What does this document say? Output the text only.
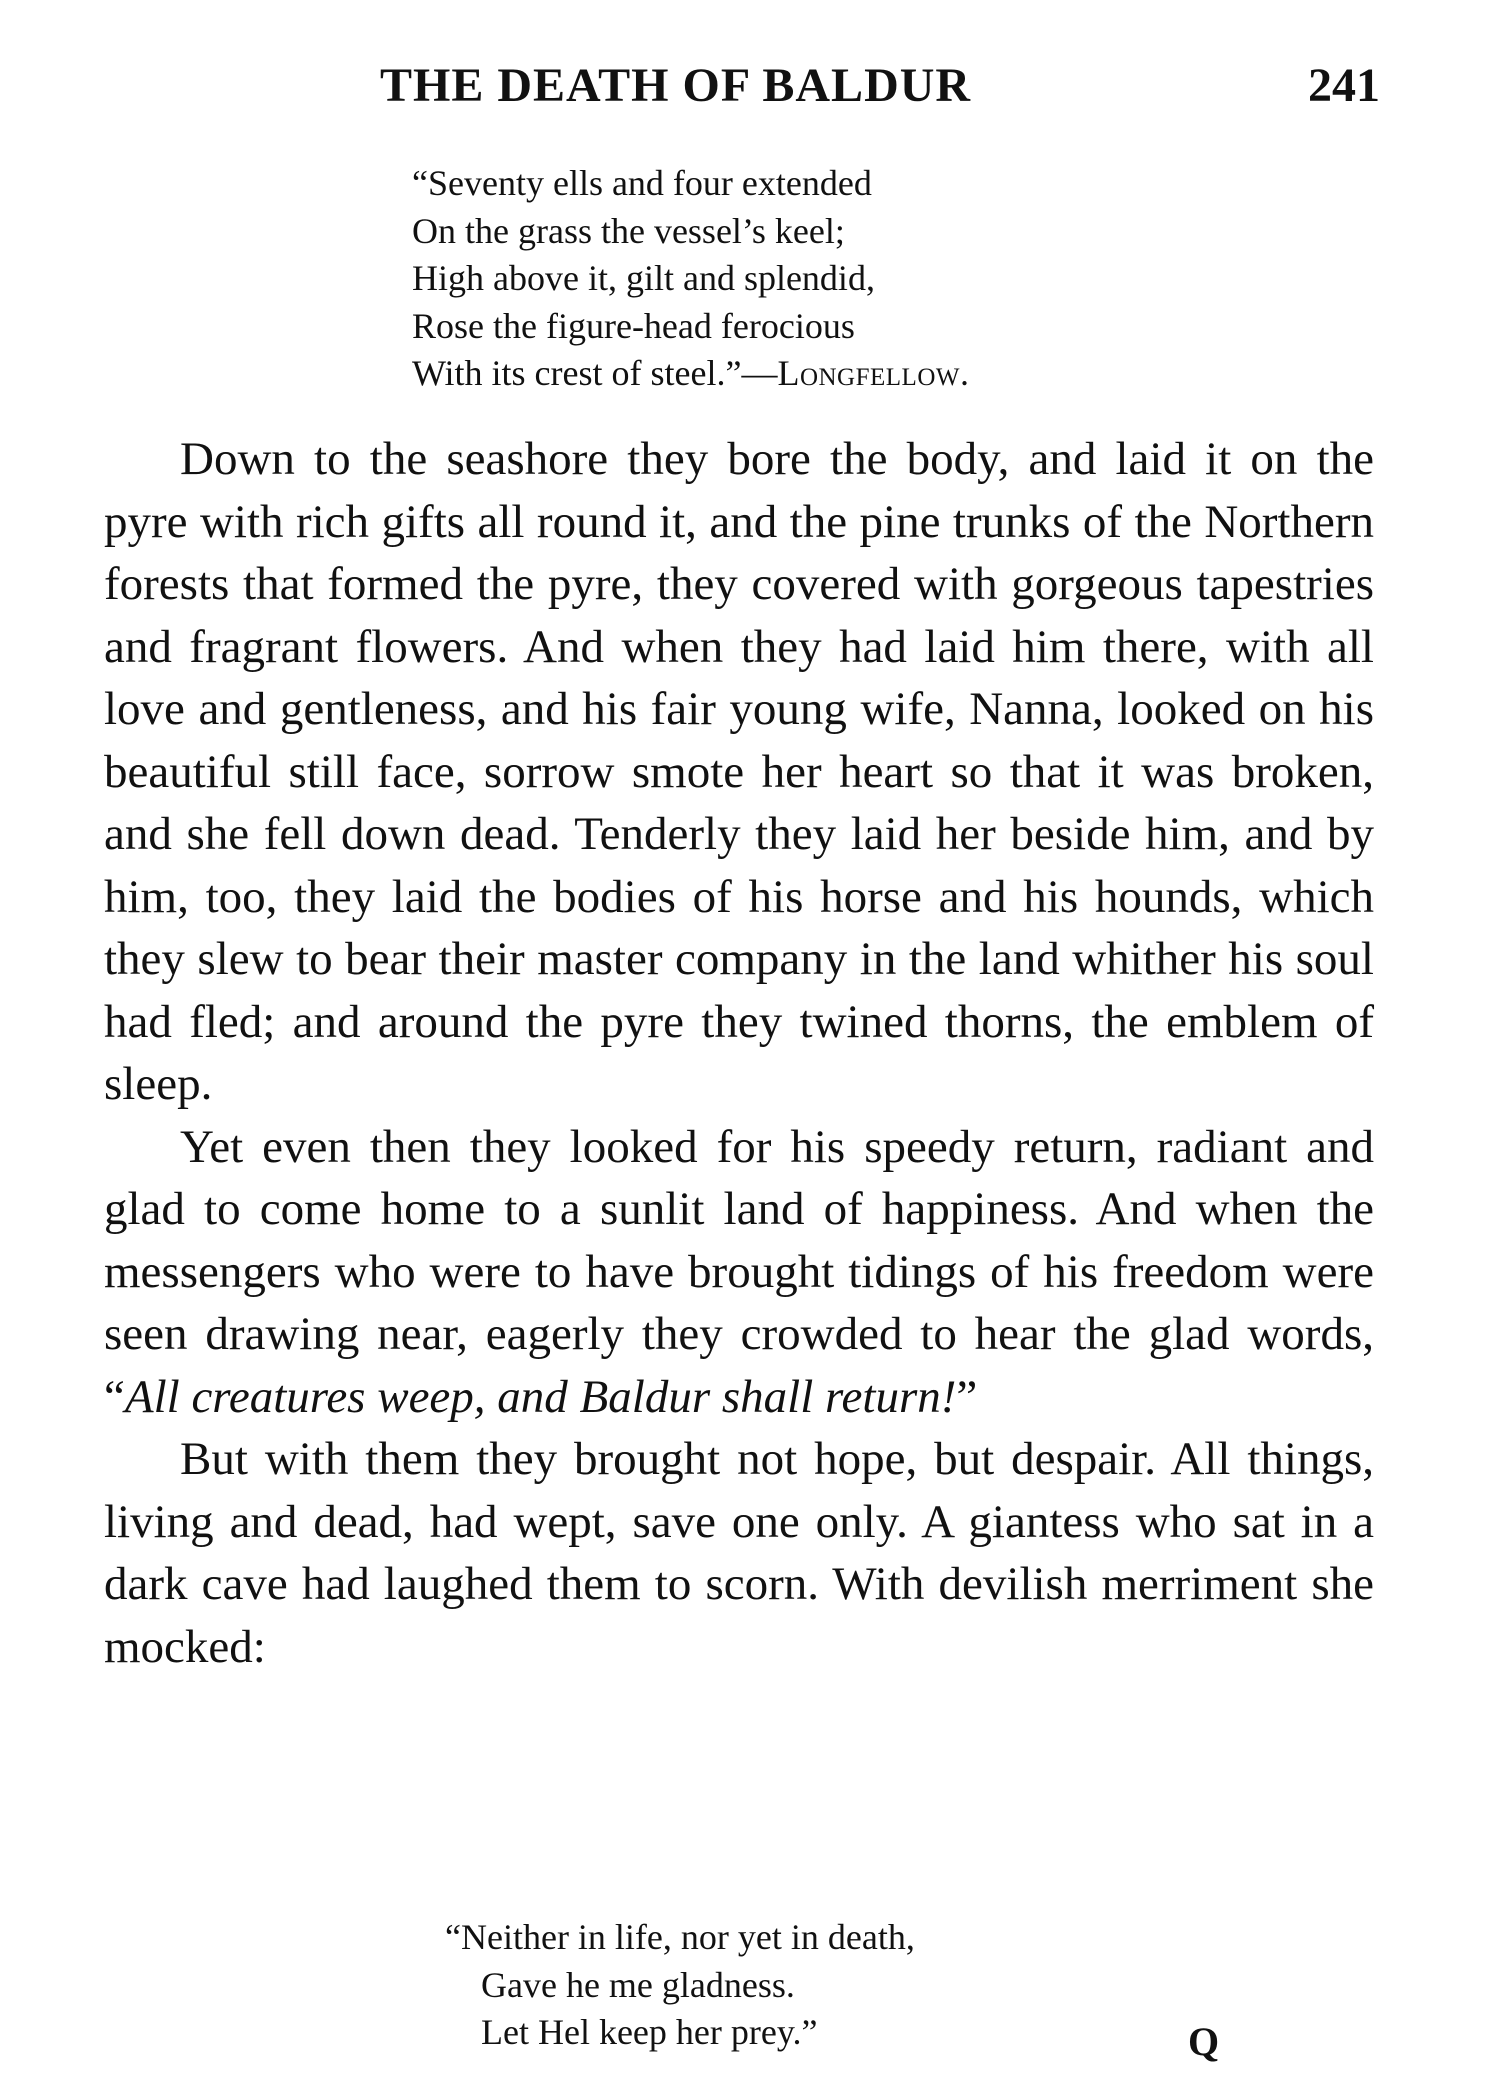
THE DEATH OF BALDUR	241
“Seventy ells and four extended
On the grass the vessel’s keel;
High above it, gilt and splendid,
Rose the figure-head ferocious
With its crest of steel.”—Longfellow.

Down to the seashore they bore the body, and laid it on the pyre with rich gifts all round it, and the pine trunks of the Northern forests that formed the pyre, they covered with gorgeous tapestries and fragrant flowers. And when they had laid him there, with all love and gentleness, and his fair young wife, Nanna, looked on his beautiful still face, sorrow smote her heart so that it was broken, and she fell down dead. Tenderly they laid her beside him, and by him, too, they laid the bodies of his horse and his hounds, which they slew to bear their master company in the land whither his soul had fled; and around the pyre they twined thorns, the emblem of sleep.

Yet even then they looked for his speedy return, radiant and glad to come home to a sunlit land of happiness. And when the messengers who were to have brought tidings of his freedom were seen drawing near, eagerly they crowded to hear the glad words, “All creatures weep, and Baldur shall return!”

But with them they brought not hope, but despair. All things, living and dead, had wept, save one only. A giantess who sat in a dark cave had laughed them to scorn. With devilish merriment she mocked:

“Neither in life, nor yet in death,
Gave he me gladness.
Let Hel keep her prey.”	Q
